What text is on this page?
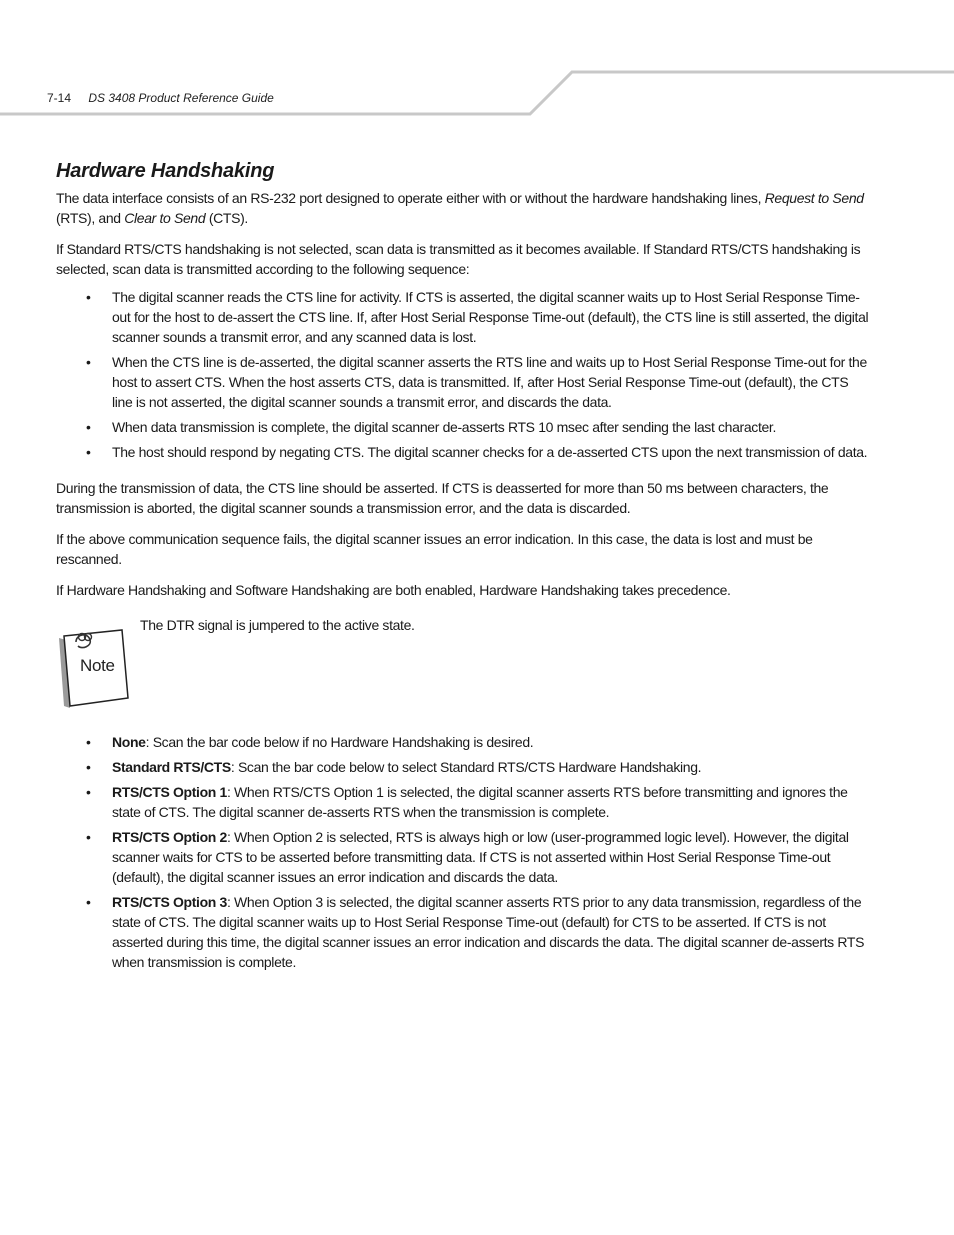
7-14 DS 3408 Product Reference Guide
Hardware Handshaking

The data interface consists of an RS-232 port designed to operate either with or without the hardware handshaking lines, Request to Send (RTS), and Clear to Send (CTS).

If Standard RTS/CTS handshaking is not selected, scan data is transmitted as it becomes available. If Standard RTS/CTS handshaking is selected, scan data is transmitted according to the following sequence:

• The digital scanner reads the CTS line for activity. If CTS is asserted, the digital scanner waits up to Host Serial Response Time-out for the host to de-assert the CTS line. If, after Host Serial Response Time-out (default), the CTS line is still asserted, the digital scanner sounds a transmit error, and any scanned data is lost.
• When the CTS line is de-asserted, the digital scanner asserts the RTS line and waits up to Host Serial Response Time-out for the host to assert CTS. When the host asserts CTS, data is transmitted. If, after Host Serial Response Time-out (default), the CTS line is not asserted, the digital scanner sounds a transmit error, and discards the data.
• When data transmission is complete, the digital scanner de-asserts RTS 10 msec after sending the last character.
• The host should respond by negating CTS. The digital scanner checks for a de-asserted CTS upon the next transmission of data.

During the transmission of data, the CTS line should be asserted. If CTS is deasserted for more than 50 ms between characters, the transmission is aborted, the digital scanner sounds a transmission error, and the data is discarded.

If the above communication sequence fails, the digital scanner issues an error indication. In this case, the data is lost and must be rescanned.

If Hardware Handshaking and Software Handshaking are both enabled, Hardware Handshaking takes precedence.

Note

The DTR signal is jumpered to the active state.

• None: Scan the bar code below if no Hardware Handshaking is desired.
• Standard RTS/CTS: Scan the bar code below to select Standard RTS/CTS Hardware Handshaking.
• RTS/CTS Option 1: When RTS/CTS Option 1 is selected, the digital scanner asserts RTS before transmitting and ignores the state of CTS. The digital scanner de-asserts RTS when the transmission is complete.
• RTS/CTS Option 2: When Option 2 is selected, RTS is always high or low (user-programmed logic level). However, the digital scanner waits for CTS to be asserted before transmitting data. If CTS is not asserted within Host Serial Response Time-out (default), the digital scanner issues an error indication and discards the data.
• RTS/CTS Option 3: When Option 3 is selected, the digital scanner asserts RTS prior to any data transmission, regardless of the state of CTS. The digital scanner waits up to Host Serial Response Time-out (default) for CTS to be asserted. If CTS is not asserted during this time, the digital scanner issues an error indication and discards the data. The digital scanner de-asserts RTS when transmission is complete.
